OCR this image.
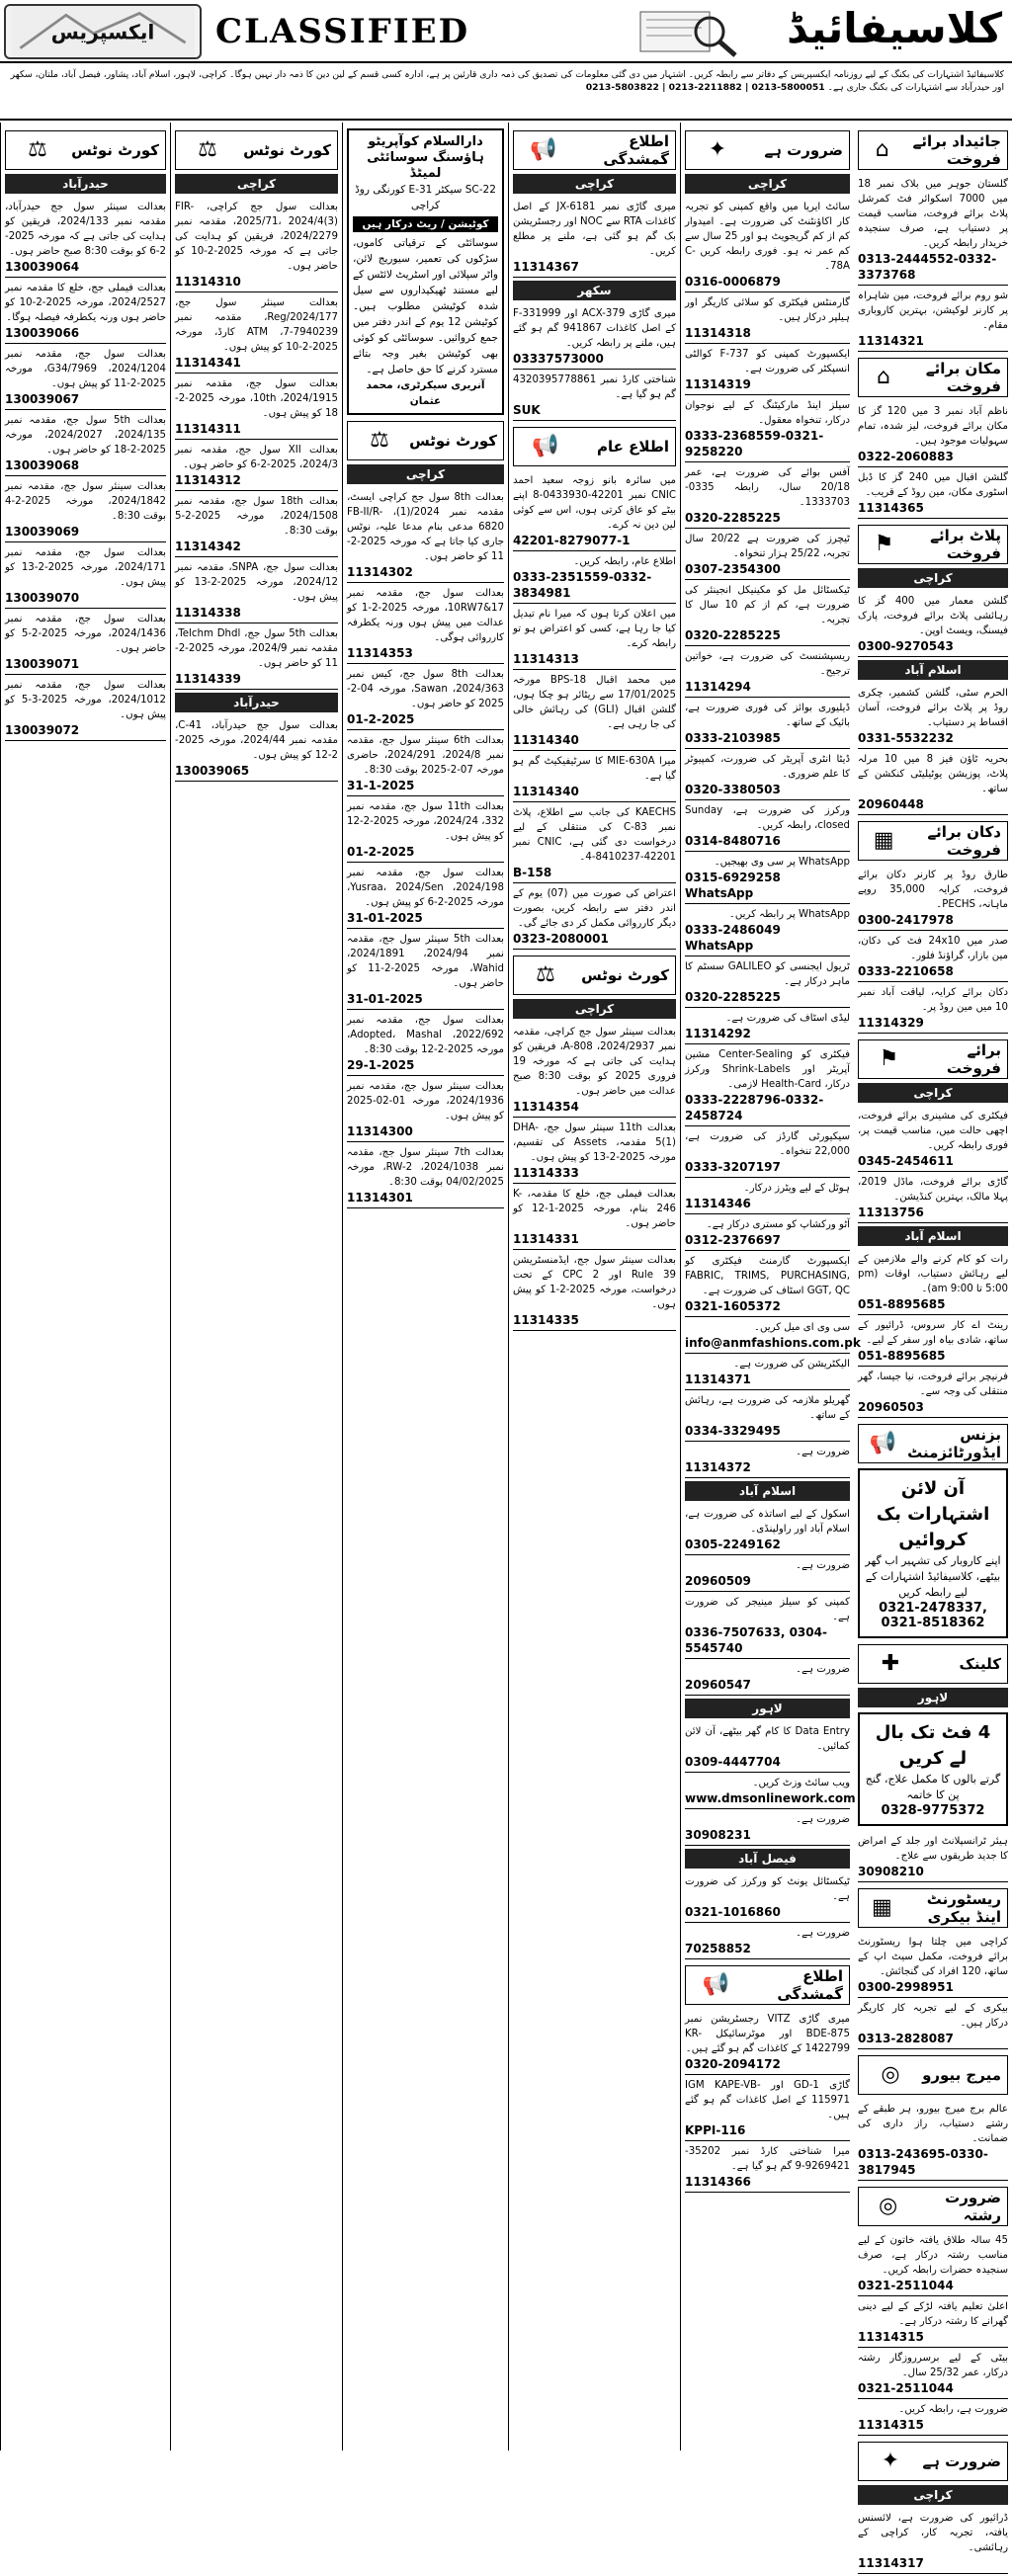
ایکسپریس CLASSIFIED	کلاسیفائیڈ
کلاسیفائیڈ اشتہارات کی بکنگ کے لیے روزنامہ ایکسپریس کے دفاتر سے رابطہ کریں۔ اشتہار میں دی گئی معلومات کی تصدیق کی ذمہ داری قارئین پر ہے، ادارہ کسی قسم کے لین دین کا ذمہ دار نہیں ہوگا۔ کراچی، لاہور، اسلام آباد، پشاور، فیصل آباد، ملتان، سکھر اور حیدرآباد سے اشتہارات کی بکنگ جاری ہے۔ 0213-5803822 | 0213-2211882 | 0213-5800051
⌂	جائیداد برائے فروخت
گلستان جوہر میں بلاک نمبر 18 میں 7000 اسکوائر فٹ کمرشل پلاٹ برائے فروخت، مناسب قیمت پر دستیاب ہے، صرف سنجیدہ خریدار رابطہ کریں۔
0313-2444552-0332-3373768
شو روم برائے فروخت، مین شاہراہ پر کارنر لوکیشن، بہترین کاروباری مقام۔
11314321
⌂	مکان برائے فروخت
ناظم آباد نمبر 3 میں 120 گز کا مکان برائے فروخت، لیز شدہ، تمام سہولیات موجود ہیں۔
0322-2060883
گلشن اقبال میں 240 گز کا ڈبل اسٹوری مکان، مین روڈ کے قریب۔
11314365
⚑	پلاٹ برائے فروخت
کراچی
گلشن معمار میں 400 گز کا رہائشی پلاٹ برائے فروخت، پارک فیسنگ، ویسٹ اوپن۔
0300-9270543
اسلام آباد
الحرم سٹی، گلشن کشمیر، چکری روڈ پر پلاٹ برائے فروخت، آسان اقساط پر دستیاب۔
0331-5532232
بحریہ ٹاؤن فیز 8 میں 10 مرلہ پلاٹ، پوزیشن یوٹیلیٹی کنکشن کے ساتھ۔
20960448
▦	دکان برائے فروخت
طارق روڈ پر کارنر دکان برائے فروخت، کرایہ 35,000 روپے ماہانہ، PECHS۔
0300-2417978
صدر میں 24x10 فٹ کی دکان، مین بازار، گراؤنڈ فلور۔
0333-2210658
دکان برائے کرایہ، لیاقت آباد نمبر 10 میں مین روڈ پر۔
11314329
⚑	برائے فروخت
کراچی
فیکٹری کی مشینری برائے فروخت، اچھی حالت میں، مناسب قیمت پر، فوری رابطہ کریں۔
0345-2454611
گاڑی برائے فروخت، ماڈل 2019، پہلا مالک، بہترین کنڈیشن۔
11313756
اسلام آباد
رات کو کام کرنے والے ملازمین کے لیے رہائش دستیاب، اوقات (pm 5:00 تا am 9:00)۔
051-8895685
رینٹ اے کار سروس، ڈرائیور کے ساتھ، شادی بیاہ اور سفر کے لیے۔
051-8895685
فرنیچر برائے فروخت، نیا جیسا، گھر منتقلی کی وجہ سے۔
20960503
📢	بزنس ایڈورٹائزمنٹ
آن لائن اشتہارات بک کروائیں
اپنے کاروبار کی تشہیر اب گھر بیٹھے، کلاسیفائیڈ اشتہارات کے لیے رابطہ کریں
0321-2478337, 0321-8518362
✚	کلینک
لاہور
4 فٹ تک بال لے کریں
گرتے بالوں کا مکمل علاج، گنج پن کا خاتمہ
0328-9775372
ہیئر ٹرانسپلانٹ اور جلد کے امراض کا جدید طریقوں سے علاج۔
30908210
▦	ریسٹورنٹ اینڈ بیکری
کراچی میں چلتا ہوا ریسٹورنٹ برائے فروخت، مکمل سیٹ اپ کے ساتھ، 120 افراد کی گنجائش۔
0300-2998951
بیکری کے لیے تجربہ کار کاریگر درکار ہیں۔
0313-2828087
◎	میرج بیورو
عالم برج میرج بیورو، ہر طبقے کے رشتے دستیاب، راز داری کی ضمانت۔
0313-243695-0330-3817945
◎	ضرورت رشتہ
45 سالہ طلاق یافتہ خاتون کے لیے مناسب رشتہ درکار ہے، صرف سنجیدہ حضرات رابطہ کریں۔
0321-2511044
اعلیٰ تعلیم یافتہ لڑکے کے لیے دینی گھرانے کا رشتہ درکار ہے۔
11314315
بیٹی کے لیے برسرروزگار رشتہ درکار، عمر 25/32 سال۔
0321-2511044
ضرورت ہے، رابطہ کریں۔
11314315
✦	ضرورت ہے
کراچی
ڈرائیور کی ضرورت ہے، لائسنس یافتہ، تجربہ کار، کراچی کے رہائشی۔
11314317
✦	ضرورت ہے
کراچی
سائٹ ایریا میں واقع کمپنی کو تجربہ کار اکاؤنٹنٹ کی ضرورت ہے۔ امیدوار کم از کم گریجویٹ ہو اور 25 سال سے کم عمر نہ ہو۔ فوری رابطہ کریں C-78A۔
0316-0006879
گارمنٹس فیکٹری کو سلائی کاریگر اور ہیلپر درکار ہیں۔
11314318
ایکسپورٹ کمپنی کو F-737 کوالٹی انسپکٹر کی ضرورت ہے۔
11314319
سیلز اینڈ مارکیٹنگ کے لیے نوجوان درکار، تنخواہ معقول۔
0333-2368559-0321-9258220
آفس بوائے کی ضرورت ہے، عمر 20/18 سال، رابطہ 0335-1333703۔
0320-2285225
ٹیچرز کی ضرورت ہے 20/22 سال تجربہ، 25/22 ہزار تنخواہ۔
0307-2354300
ٹیکسٹائل مل کو مکینیکل انجینئر کی ضرورت ہے، کم از کم 10 سال کا تجربہ۔
0320-2285225
ریسپشنسٹ کی ضرورت ہے، خواتین ترجیح۔
11314294
ڈیلیوری بوائز کی فوری ضرورت ہے، بائیک کے ساتھ۔
0333-2103985
ڈیٹا انٹری آپریٹر کی ضرورت، کمپیوٹر کا علم ضروری۔
0320-3380503
ورکرز کی ضرورت ہے، Sunday closed، رابطہ کریں۔
0314-8480716
WhatsApp پر سی وی بھیجیں۔
0315-6929258 WhatsApp
WhatsApp پر رابطہ کریں۔
0333-2486049 WhatsApp
ٹریول ایجنسی کو GALILEO سسٹم کا ماہر درکار ہے۔
0320-2285225
لیڈی اسٹاف کی ضرورت ہے۔
11314292
فیکٹری کو Center-Sealing مشین آپریٹر اور Shrink-Labels ورکرز درکار، Health-Card لازمی۔
0333-2228796-0332-2458724
سیکیورٹی گارڈز کی ضرورت ہے، 22,000 تنخواہ۔
0333-3207197
ہوٹل کے لیے ویٹرز درکار۔
11314346
آٹو ورکشاپ کو مستری درکار ہے۔
0312-2376697
ایکسپورٹ گارمنٹ فیکٹری کو FABRIC, TRIMS, PURCHASING, GGT, QC اسٹاف کی ضرورت ہے۔
0321-1605372
سی وی ای میل کریں۔
info@anmfashions.com.pk
الیکٹریشن کی ضرورت ہے۔
11314371
گھریلو ملازمہ کی ضرورت ہے، رہائش کے ساتھ۔
0334-3329495
ضرورت ہے۔
11314372
اسلام آباد
اسکول کے لیے اساتذہ کی ضرورت ہے، اسلام آباد اور راولپنڈی۔
0305-2249162
ضرورت ہے۔
20960509
کمپنی کو سیلز مینیجر کی ضرورت ہے۔
0336-7507633, 0304-5545740
ضرورت ہے۔
20960547
لاہور
Data Entry کا کام گھر بیٹھے، آن لائن کمائیں۔
0309-4447704
ویب سائٹ وزٹ کریں۔
www.dmsonlinework.com
ضرورت ہے۔
30908231
فیصل آباد
ٹیکسٹائل یونٹ کو ورکرز کی ضرورت ہے۔
0321-1016860
ضرورت ہے۔
70258852
📢	اطلاع گمشدگی
میری گاڑی VITZ رجسٹریشن نمبر BDE-875 اور موٹرسائیکل KR-1422799 کے کاغذات گم ہو گئے ہیں۔
0320-2094172
گاڑی GD-1 اور IGM KAPE-VB-115971 کے اصل کاغذات گم ہو گئے ہیں۔
KPPI-116
میرا شناختی کارڈ نمبر 35202-9269421-9 گم ہو گیا ہے۔
11314366
📢	اطلاع گمشدگی
کراچی
میری گاڑی نمبر JX-6181 کے اصل کاغذات RTA سے NOC اور رجسٹریشن بک گم ہو گئی ہے، ملنے پر مطلع کریں۔
11314367
سکھر
میری گاڑی ACX-379 اور F-331999 کے اصل کاغذات 941867 گم ہو گئے ہیں، ملنے پر رابطہ کریں۔
03337573000
شناختی کارڈ نمبر 4320395778861 گم ہو گیا ہے۔
SUK
📢	اطلاع عام
میں سائرہ بانو زوجہ سعید احمد CNIC نمبر 42201-0433930-8 اپنے بیٹے کو عاق کرتی ہوں، اس سے کوئی لین دین نہ کرے۔
42201-8279077-1
اطلاع عام، رابطہ کریں۔
0333-2351559-0332-3834981
میں اعلان کرتا ہوں کہ میرا نام تبدیل کیا جا رہا ہے، کسی کو اعتراض ہو تو رابطہ کرے۔
11314313
میں محمد اقبال BPS-18 مورخہ 17/01/2025 سے ریٹائر ہو چکا ہوں، گلشن اقبال (GLI) کی رہائش خالی کی جا رہی ہے۔
11314340
میرا MIE-630A کا سرٹیفیکیٹ گم ہو گیا ہے۔
11314340
KAECHS کی جانب سے اطلاع، پلاٹ نمبر C-83 کی منتقلی کے لیے درخواست دی گئی ہے، CNIC نمبر 42201-8410237-4۔
B-158
اعتراض کی صورت میں (07) یوم کے اندر دفتر سے رابطہ کریں، بصورت دیگر کارروائی مکمل کر دی جائے گی۔
0323-2080001
⚖	کورٹ نوٹس
کراچی
بعدالت سینئر سول جج کراچی، مقدمہ نمبر 2024/2937، A-808، فریقین کو ہدایت کی جاتی ہے کہ مورخہ 19 فروری 2025 کو بوقت 8:30 صبح عدالت میں حاضر ہوں۔
11314354
بعدالت 11th سینئر سول جج، DHA-5(1) مقدمہ، Assets کی تقسیم، مورخہ 2025-2-13 کو پیش ہوں۔
11314333
بعدالت فیملی جج، خلع کا مقدمہ، K-246 بنام، مورخہ 2025-1-12 کو حاضر ہوں۔
11314331
بعدالت سینئر سول جج، ایڈمنسٹریشن 39 Rule اور 2 CPC کے تحت درخواست، مورخہ 2025-2-1 کو پیش ہوں۔
11314335
دارالسلام کوآپریٹو ہاؤسنگ سوسائٹی لمیٹڈ
SC-22 سیکٹر 31-E کورنگی روڈ کراچی
کوٹیشن / ریٹ درکار ہیں
سوسائٹی کے ترقیاتی کاموں، سڑکوں کی تعمیر، سیوریج لائن، واٹر سپلائی اور اسٹریٹ لائٹس کے لیے مستند ٹھیکیداروں سے سیل شدہ کوٹیشن مطلوب ہیں۔ کوٹیشن 12 یوم کے اندر دفتر میں جمع کروائیں۔ سوسائٹی کو کوئی بھی کوٹیشن بغیر وجہ بتائے مسترد کرنے کا حق حاصل ہے۔
آنریری سیکرٹری، محمد عثمان
⚖	کورٹ نوٹس
کراچی
بعدالت 8th سول جج کراچی ایسٹ، مقدمہ نمبر 2024/(1)، FB-II/R-6820 مدعی بنام مدعا علیہ، نوٹس جاری کیا جاتا ہے کہ مورخہ 2025-2-11 کو حاضر ہوں۔
11314302
بعدالت سول جج، مقدمہ نمبر 17&10RW7، مورخہ 2025-2-1 کو عدالت میں پیش ہوں ورنہ یکطرفہ کارروائی ہوگی۔
11314353
بعدالت 8th سول جج، کیس نمبر 2024/363، Sawan، مورخہ 04-2-2025 کو حاضر ہوں۔
01-2-2025
بعدالت 6th سینئر سول جج، مقدمہ نمبر 2024/8، 2024/291، حاضری مورخہ 07-2-2025 بوقت 8:30۔
31-1-2025
بعدالت 11th سول جج، مقدمہ نمبر 332، 2024/24، مورخہ 2025-2-12 کو پیش ہوں۔
01-2-2025
بعدالت سول جج، مقدمہ نمبر 2024/198، Yusraa، 2024/Sen، مورخہ 2025-2-6 کو پیش ہوں۔
31-01-2025
بعدالت 5th سینئر سول جج، مقدمہ نمبر 2024/94، 2024/1891، Wahid، مورخہ 2025-2-11 کو حاضر ہوں۔
31-01-2025
بعدالت سول جج، مقدمہ نمبر 2022/692، Adopted، Mashal، مورخہ 2025-2-12 بوقت 8:30۔
29-1-2025
بعدالت سینئر سول جج، مقدمہ نمبر 2024/1936، مورخہ 01-02-2025 کو پیش ہوں۔
11314300
بعدالت 7th سینئر سول جج، مقدمہ نمبر 2024/1038، RW-2، مورخہ 04/02/2025 بوقت 8:30۔
11314301
⚖	کورٹ نوٹس
کراچی
بعدالت سول جج کراچی، FIR-2025/71، 2024/4(3)، مقدمہ نمبر 2024/2279، فریقین کو ہدایت کی جاتی ہے کہ مورخہ 2025-2-10 کو حاضر ہوں۔
11314310
بعدالت سینئر سول جج، Reg/2024/177، مقدمہ نمبر 7940239-7، ATM کارڈ، مورخہ 2025-2-10 کو پیش ہوں۔
11314341
بعدالت سول جج، مقدمہ نمبر 2024/1915، 10th، مورخہ 2025-2-18 کو پیش ہوں۔
11314311
بعدالت XII سول جج، مقدمہ نمبر 2024/3، 2025-2-6 کو حاضر ہوں۔
11314312
بعدالت 18th سول جج، مقدمہ نمبر 2024/1508، مورخہ 2025-2-5 بوقت 8:30۔
11314342
بعدالت سول جج، SNPA، مقدمہ نمبر 2024/12، مورخہ 2025-2-13 کو پیش ہوں۔
11314338
بعدالت 5th سول جج، Telchm Dhdl، مقدمہ نمبر 2024/9، مورخہ 2025-2-11 کو حاضر ہوں۔
11314339
حیدرآباد
بعدالت سول جج حیدرآباد، C-41، مقدمہ نمبر 2024/44، مورخہ 2025-2-12 کو پیش ہوں۔
130039065
⚖	کورٹ نوٹس
حیدرآباد
بعدالت سینئر سول جج حیدرآباد، مقدمہ نمبر 2024/133، فریقین کو ہدایت کی جاتی ہے کہ مورخہ 2025-2-6 کو بوقت 8:30 صبح حاضر ہوں۔
130039064
بعدالت فیملی جج، خلع کا مقدمہ نمبر 2024/2527، مورخہ 2025-2-10 کو حاضر ہوں ورنہ یکطرفہ فیصلہ ہوگا۔
130039066
بعدالت سول جج، مقدمہ نمبر 2024/1204، G34/7969، مورخہ 2025-2-11 کو پیش ہوں۔
130039067
بعدالت 5th سول جج، مقدمہ نمبر 2024/135، 2024/2027، مورخہ 2025-2-18 کو حاضر ہوں۔
130039068
بعدالت سینئر سول جج، مقدمہ نمبر 2024/1842، مورخہ 2025-2-4 بوقت 8:30۔
130039069
بعدالت سول جج، مقدمہ نمبر 2024/171، مورخہ 2025-2-13 کو پیش ہوں۔
130039070
بعدالت سول جج، مقدمہ نمبر 2024/1436، مورخہ 2025-2-5 کو حاضر ہوں۔
130039071
بعدالت سول جج، مقدمہ نمبر 2024/1012، مورخہ 2025-3-5 کو پیش ہوں۔
130039072
